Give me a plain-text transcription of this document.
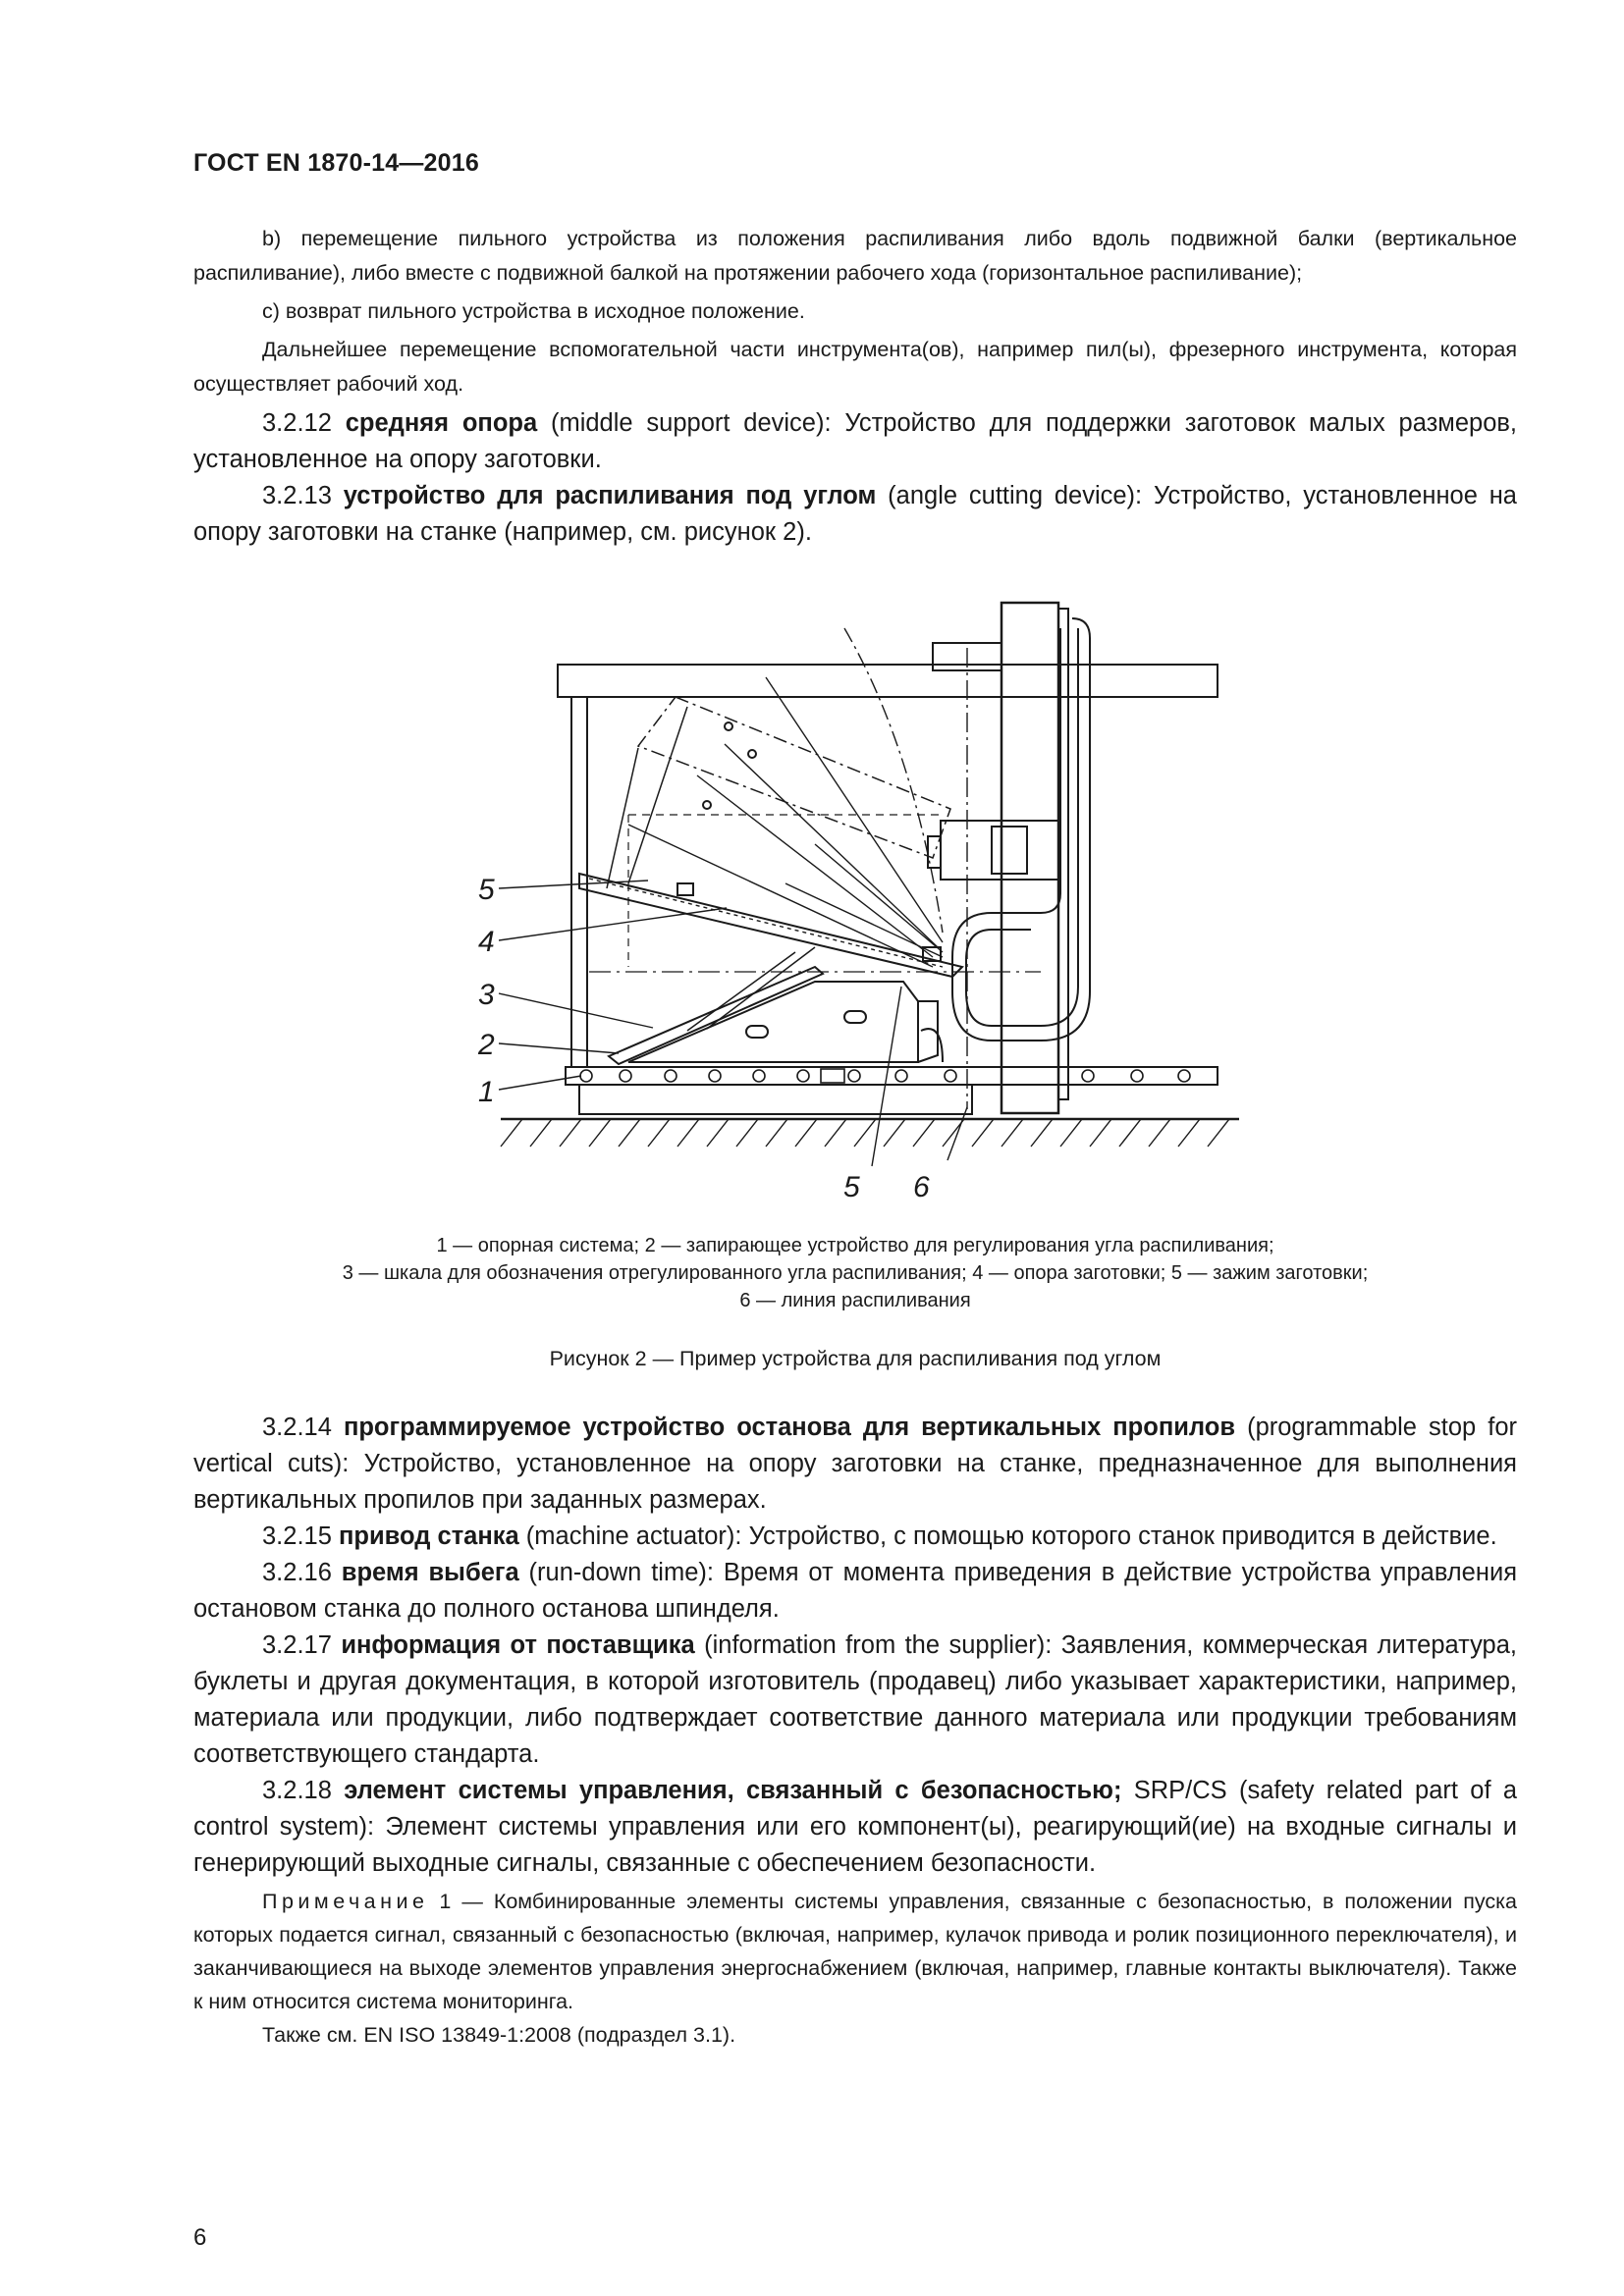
ГОСТ EN 1870-14—2016

b) перемещение пильного устройства из положения распиливания либо вдоль подвижной балки (вертикальное распиливание), либо вместе с подвижной балкой на протяжении рабочего хода (горизонтальное распиливание);

c) возврат пильного устройства в исходное положение.

Дальнейшее перемещение вспомогательной части инструмента(ов), например пил(ы), фрезерного инструмента, которая осуществляет рабочий ход.

3.2.12 средняя опора (middle support device): Устройство для поддержки заготовок малых размеров, установленное на опору заготовки.

3.2.13 устройство для распиливания под углом (angle cutting device): Устройство, установленное на опору заготовки на станке (например, см. рисунок 2).

5
4
3
2
1
5 6
1 — опорная система; 2 — запирающее устройство для регулирования угла распиливания;
3 — шкала для обозначения отрегулированного угла распиливания; 4 — опора заготовки; 5 — зажим заготовки;
6 — линия распиливания
Рисунок 2 — Пример устройства для распиливания под углом

3.2.14 программируемое устройство останова для вертикальных пропилов (programmable stop for vertical cuts): Устройство, установленное на опору заготовки на станке, предназначенное для выполнения вертикальных пропилов при заданных размерах.

3.2.15 привод станка (machine actuator): Устройство, с помощью которого станок приводится в действие.

3.2.16 время выбега (run-down time): Время от момента приведения в действие устройства управления остановом станка до полного останова шпинделя.

3.2.17 информация от поставщика (information from the supplier): Заявления, коммерческая литература, буклеты и другая документация, в которой изготовитель (продавец) либо указывает характеристики, например, материала или продукции, либо подтверждает соответствие данного материала или продукции требованиям соответствующего стандарта.

3.2.18 элемент системы управления, связанный с безопасностью; SRP/CS (safety related part of a control system): Элемент системы управления или его компонент(ы), реагирующий(ие) на входные сигналы и генерирующий выходные сигналы, связанные с обеспечением безопасности.

Примечание 1 — Комбинированные элементы системы управления, связанные с безопасностью, в положении пуска которых подается сигнал, связанный с безопасностью (включая, например, кулачок привода и ролик позиционного переключателя), и заканчивающиеся на выходе элементов управления энергоснабжением (включая, например, главные контакты выключателя). Также к ним относится система мониторинга.

Также см. EN ISO 13849-1:2008 (подраздел 3.1).

6
